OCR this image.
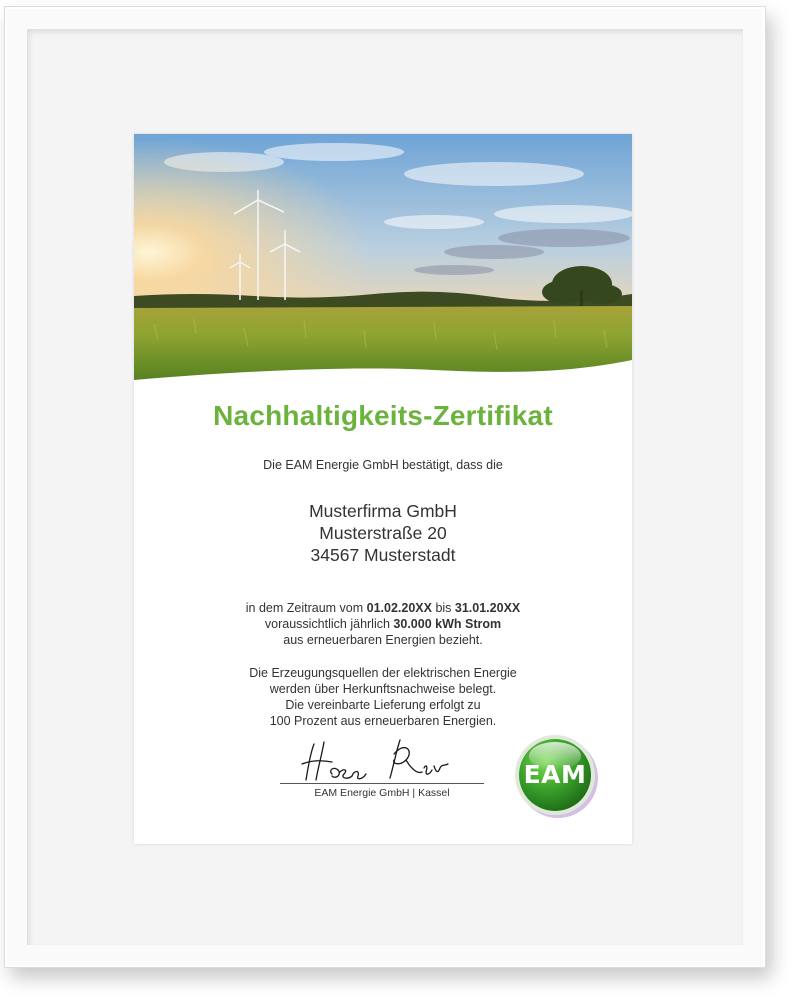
Nachhaltigkeits-Zertifikat
Die EAM Energie GmbH bestätigt, dass die
Musterfirma GmbH
Musterstraße 20
34567 Musterstadt
in dem Zeitraum vom 01.02.20XX bis 31.01.20XX
voraussichtlich jährlich 30.000 kWh Strom
aus erneuerbaren Energien bezieht.
Die Erzeugungsquellen der elektrischen Energie
werden über Herkunftsnachweise belegt.
Die vereinbarte Lieferung erfolgt zu
100 Prozent aus erneuerbaren Energien.
EAM Energie GmbH | Kassel
EAM
